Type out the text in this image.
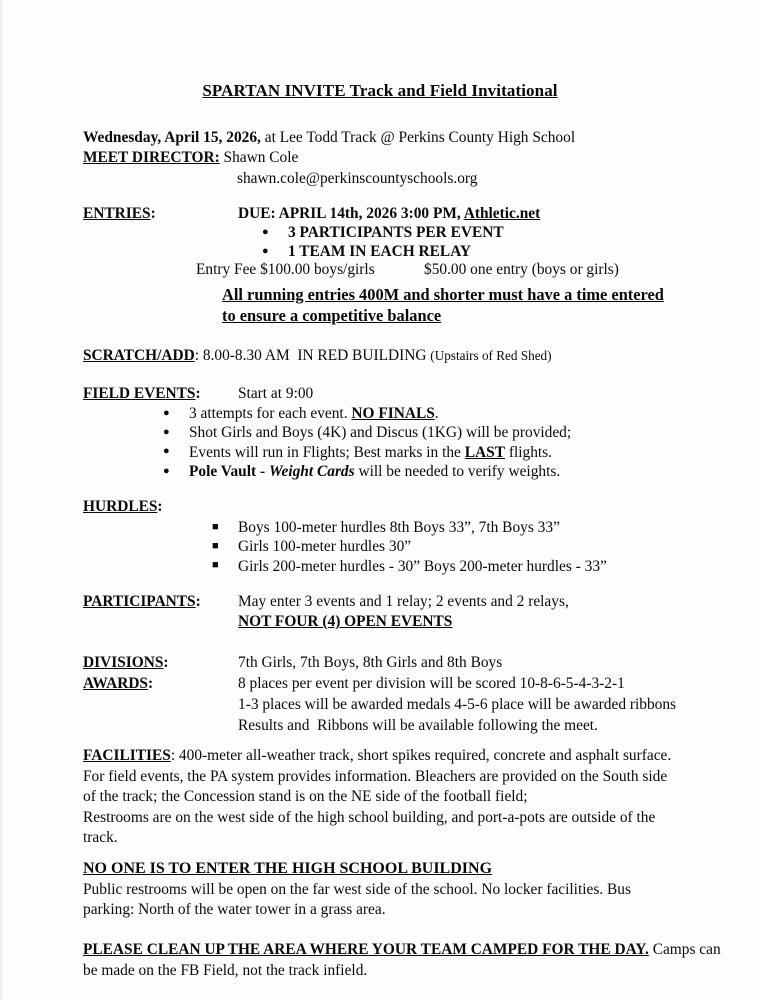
SPARTAN INVITE Track and Field Invitational
Wednesday, April 15, 2026, at Lee Todd Track @ Perkins County High School
MEET DIRECTOR: Shawn Cole
shawn.cole@perkinscountyschools.org
ENTRIES:	DUE: APRIL 14th, 2026 3:00 PM, Athletic.net
● 3 PARTICIPANTS PER EVENT
● 1 TEAM IN EACH RELAY
Entry Fee $100.00 boys/girls	$50.00 one entry (boys or girls)
All running entries 400M and shorter must have a time entered
to ensure a competitive balance
SCRATCH/ADD: 8.00-8.30 AM  IN RED BUILDING (Upstairs of Red Shed)
FIELD EVENTS: Start at 9:00
● 3 attempts for each event. NO FINALS.
● Shot Girls and Boys (4K) and Discus (1KG) will be provided;
● Events will run in Flights; Best marks in the LAST flights.
● Pole Vault - Weight Cards will be needed to verify weights.
HURDLES:
■ Boys 100-meter hurdles 8th Boys 33”, 7th Boys 33”
■ Girls 100-meter hurdles 30”
■ Girls 200-meter hurdles - 30” Boys 200-meter hurdles - 33”
PARTICIPANTS: May enter 3 events and 1 relay; 2 events and 2 relays,
NOT FOUR (4) OPEN EVENTS
DIVISIONS:	7th Girls, 7th Boys, 8th Girls and 8th Boys
AWARDS:	8 places per event per division will be scored 10-8-6-5-4-3-2-1
1-3 places will be awarded medals 4-5-6 place will be awarded ribbons
Results and  Ribbons will be available following the meet.
FACILITIES: 400-meter all-weather track, short spikes required, concrete and asphalt surface.
For field events, the PA system provides information. Bleachers are provided on the South side
of the track; the Concession stand is on the NE side of the football field;
Restrooms are on the west side of the high school building, and port-a-pots are outside of the
track.
NO ONE IS TO ENTER THE HIGH SCHOOL BUILDING
Public restrooms will be open on the far west side of the school. No locker facilities. Bus
parking: North of the water tower in a grass area.
PLEASE CLEAN UP THE AREA WHERE YOUR TEAM CAMPED FOR THE DAY. Camps can
be made on the FB Field, not the track infield.
